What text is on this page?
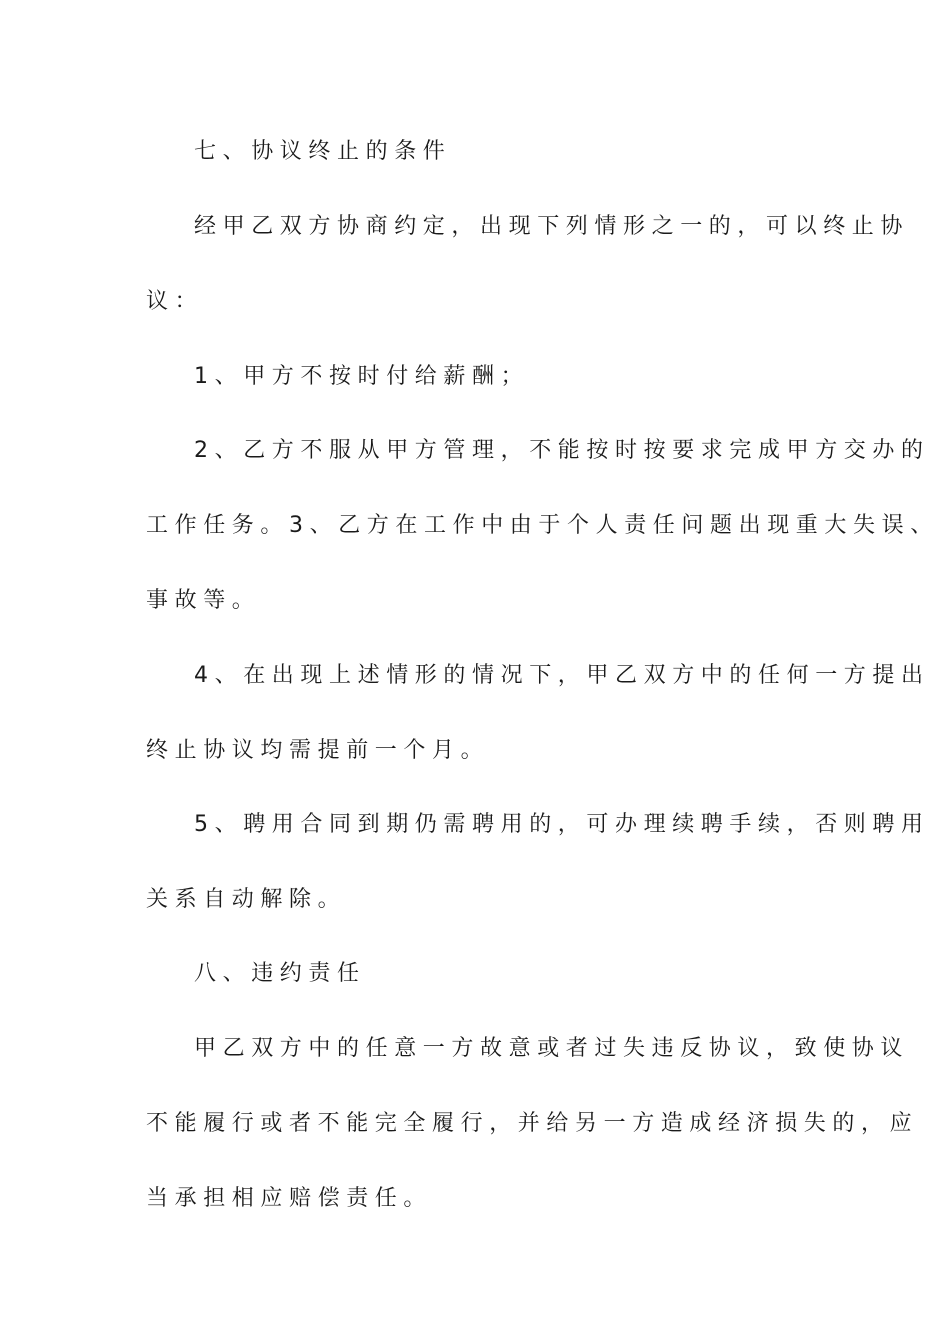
七、协议终止的条件
经甲乙双方协商约定，出现下列情形之一的，可以终止协
议：
1、甲方不按时付给薪酬；
2、乙方不服从甲方管理，不能按时按要求完成甲方交办的
工作任务。3、乙方在工作中由于个人责任问题出现重大失误、
事故等。
4、在出现上述情形的情况下，甲乙双方中的任何一方提出
终止协议均需提前一个月。
5、聘用合同到期仍需聘用的，可办理续聘手续，否则聘用
关系自动解除。
八、违约责任
甲乙双方中的任意一方故意或者过失违反协议，致使协议
不能履行或者不能完全履行，并给另一方造成经济损失的，应
当承担相应赔偿责任。
